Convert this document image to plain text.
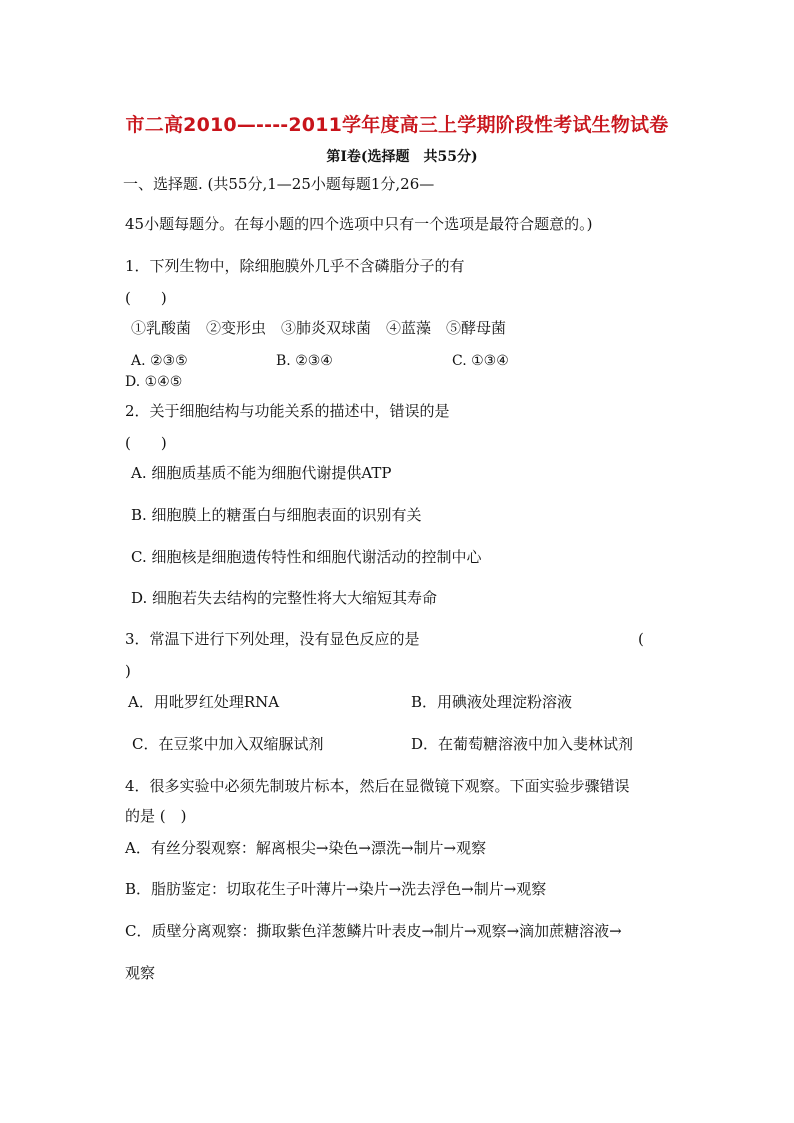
市二高2010—----2011学年度高三上学期阶段性考试生物试卷
第Ⅰ卷(选择题　共55分)
一、选择题. (共55分,1—25小题每题1分,26—
45小题每题分。在每小题的四个选项中只有一个选项是最符合题意的。)
1．下列生物中，除细胞膜外几乎不含磷脂分子的有
(　　)
①乳酸菌　②变形虫　③肺炎双球菌　④蓝藻　⑤酵母菌
A. ②③⑤	B. ②③④	C. ①③④
D. ①④⑤
2．关于细胞结构与功能关系的描述中，错误的是
(　　)
A. 细胞质基质不能为细胞代谢提供ATP
B. 细胞膜上的糖蛋白与细胞表面的识别有关
C. 细胞核是细胞遗传特性和细胞代谢活动的控制中心
D. 细胞若失去结构的完整性将大大缩短其寿命
3．常温下进行下列处理，没有显色反应的是	(
)
A．用吡罗红处理RNA	B．用碘液处理淀粉溶液
C．在豆浆中加入双缩脲试剂	D．在葡萄糖溶液中加入斐林试剂
4．很多实验中必须先制玻片标本，然后在显微镜下观察。下面实验步骤错误
的是 (　)
A．有丝分裂观察：解离根尖→染色→漂洗→制片→观察
B．脂肪鉴定：切取花生子叶薄片→染片→洗去浮色→制片→观察
C．质壁分离观察：撕取紫色洋葱鳞片叶表皮→制片→观察→滴加蔗糖溶液→
观察
